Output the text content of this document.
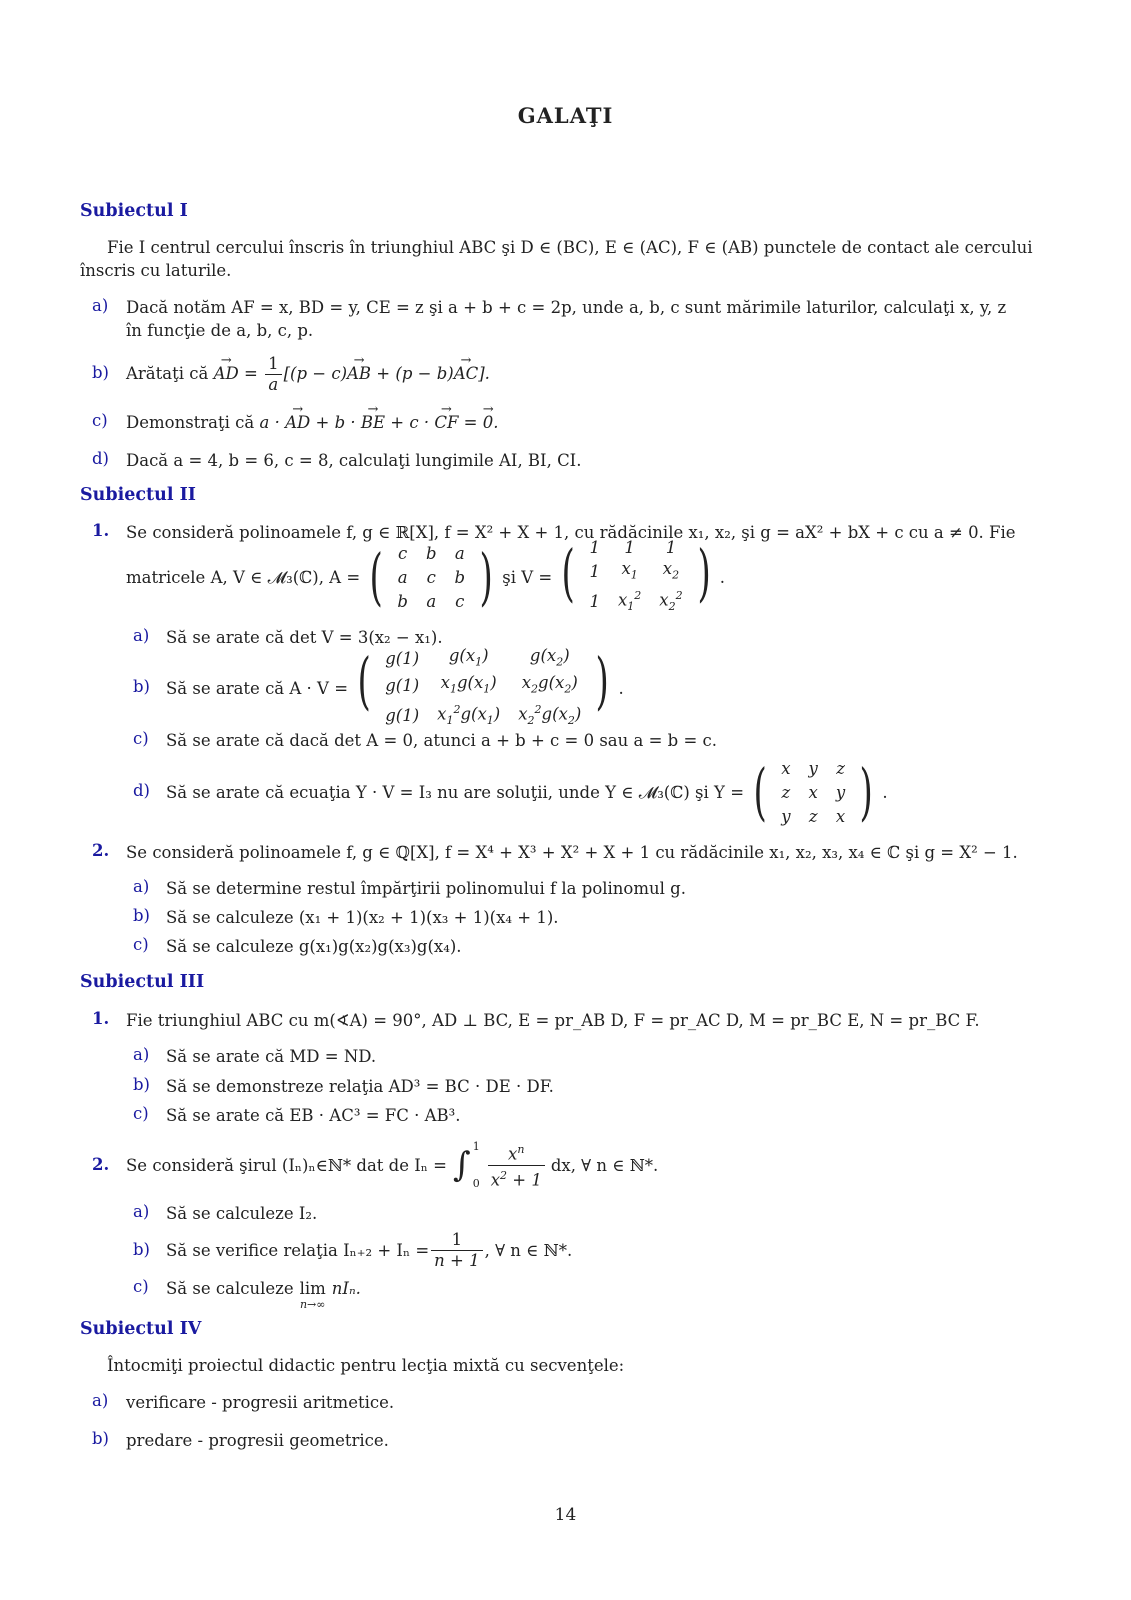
GALAŢI
Subiectul I
Fie I centrul cercului înscris în triunghiul ABC şi D ∈ (BC), E ∈ (AC), F ∈ (AB) punctele de contact ale cercului
înscris cu laturile.
a) Dacă notăm AF = x, BD = y, CE = z şi a + b + c = 2p, unde a, b, c sunt mărimile laturilor, calculaţi x, y, z
în funcţie de a, b, c, p.
b) Arătaţi că → AD = $\frac{1}{a} [(p - c)\to$ AB + (p − b)→ AC].
c) Demonstraţi că a · → AD + b · → BE + c · → CF = → 0.
d) Dacă a = 4, b = 6, c = 8, calculaţi lungimile AI, BI, CI.
Subiectul II
1. Se consideră polinoamele f, g ∈ ℝ[X], f = X² + X + 1, cu rădăcinile x₁, x₂, şi g = aX² + bX + c cu a ≠ 0. Fie
matricele A, V ∈ 𝓜₃(ℂ), A = ( c	b	a
a	c	b
b	a	c ) şi V = ( 1	1	1
1	$x_1$	$x_2$
1	$x_1^2$	$x_2^2$ ) .
a) Să se arate că det V = 3(x₂ − x₁).
b) Să se arate că A · V = ( g(1)	$g(x_1)$	$g(x_2)$
g(1)	$x_1g(x_1)$	$x_2g(x_2)$
g(1)	$x_1^2g(x_1)$	$x_2^2g(x_2)$ ) .
c) Să se arate că dacă det A = 0, atunci a + b + c = 0 sau a = b = c.
d) Să se arate că ecuaţia Y · V = I₃ nu are soluţii, unde Y ∈ 𝓜₃(ℂ) şi Y = ( x	y	z
z	x	y
y	z	x ) .
2. Se consideră polinoamele f, g ∈ ℚ[X], f = X⁴ + X³ + X² + X + 1 cu rădăcinile x₁, x₂, x₃, x₄ ∈ ℂ şi g = X² − 1.
a) Să se determine restul împărţirii polinomului f la polinomul g.
b) Să se calculeze (x₁ + 1)(x₂ + 1)(x₃ + 1)(x₄ + 1).
c) Să se calculeze g(x₁)g(x₂)g(x₃)g(x₄).
Subiectul III
1. Fie triunghiul ABC cu m(∢A) = 90°, AD ⊥ BC, E = pr_AB D, F = pr_AC D, M = pr_BC E, N = pr_BC F.
a) Să se arate că MD = ND.
b) Să se demonstreze relaţia AD³ = BC · DE · DF.
c) Să se arate că EB · AC³ = FC · AB³.
2. Se consideră şirul (Iₙ)ₙ∈ℕ* dat de Iₙ = ∫ 1
$0 \frac{x^n}{x^2 + 1}$ dx, ∀ n ∈ ℕ*.
a) Să se calculeze I₂.
b) Să se verifice relaţia $I_{n+2} + I_n = \frac{1}{n + 1}$ , ∀ n ∈ ℕ*.
c) Să se calculeze lim
n→∞
nIₙ.
Subiectul IV
Întocmiţi proiectul didactic pentru lecţia mixtă cu secvenţele:
a) verificare - progresii aritmetice.
b) predare - progresii geometrice.
14
